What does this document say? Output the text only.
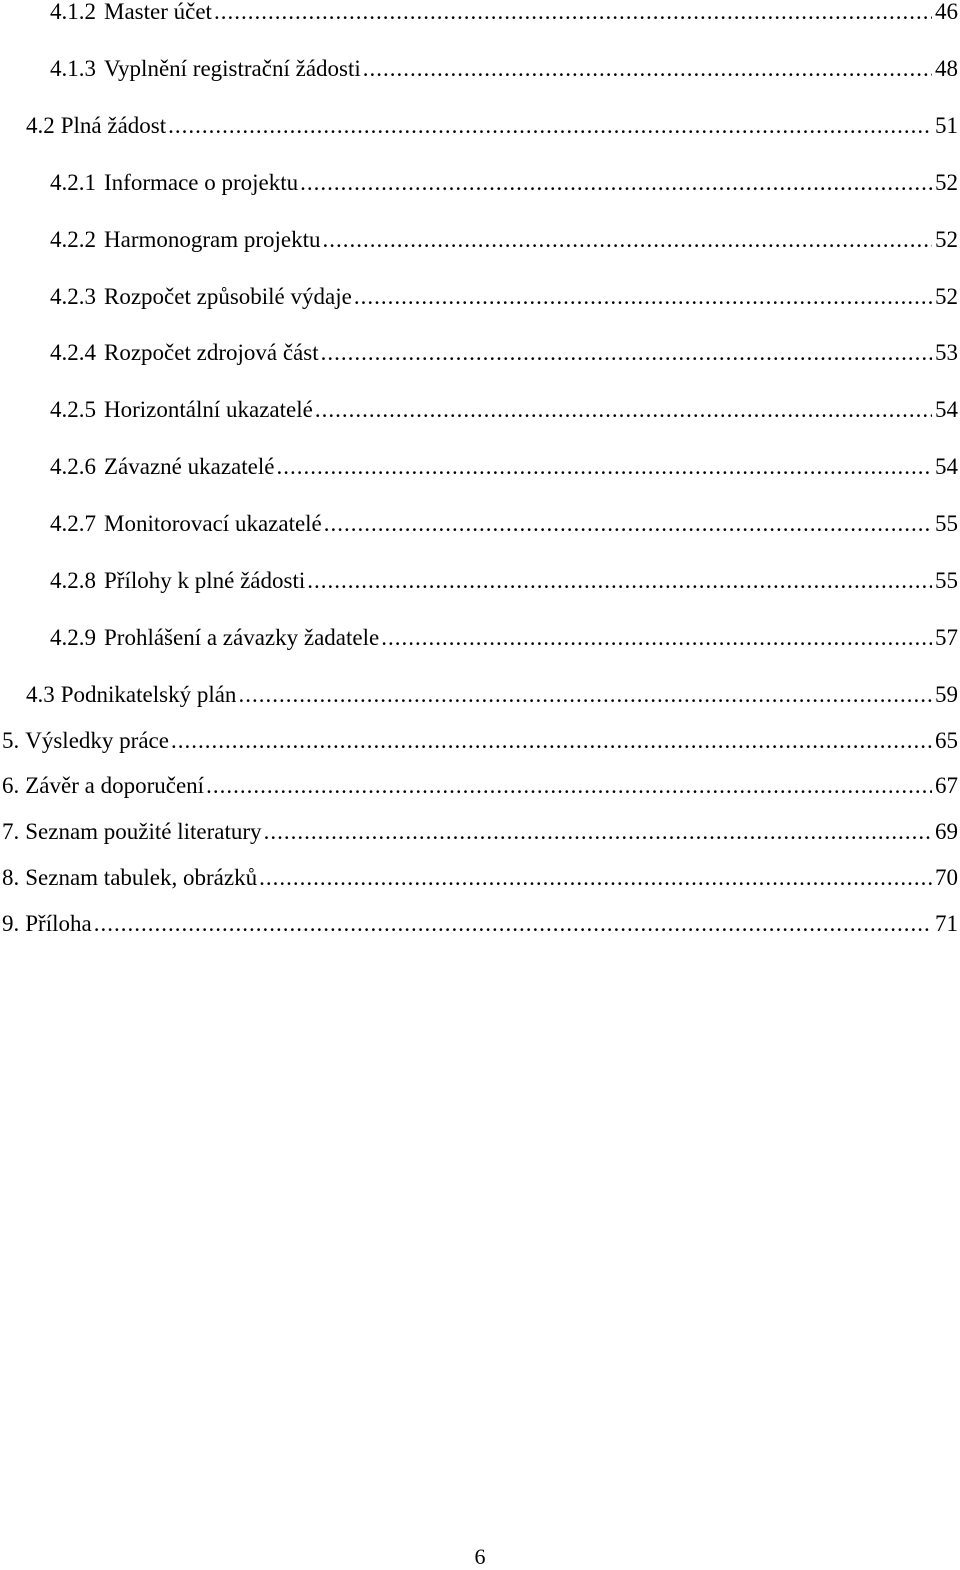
4.1.2 Master účet .....	46
4.1.3 Vyplnění registrační žádosti .....	48
4.2 Plná žádost .....	51
4.2.1 Informace o projektu .....	52
4.2.2 Harmonogram projektu .....	52
4.2.3 Rozpočet způsobilé výdaje .....	52
4.2.4 Rozpočet zdrojová část .....	53
4.2.5 Horizontální ukazatelé .....	54
4.2.6 Závazné ukazatelé .....	54
4.2.7 Monitorovací ukazatelé .....	55
4.2.8 Přílohy k plné žádosti .....	55
4.2.9 Prohlášení a závazky žadatele .....	57
4.3 Podnikatelský plán .....	59
5. Výsledky práce .....	65
6. Závěr a doporučení .....	67
7. Seznam použité literatury .....	69
8. Seznam tabulek, obrázků .....	70
9. Příloha .....	71
6
